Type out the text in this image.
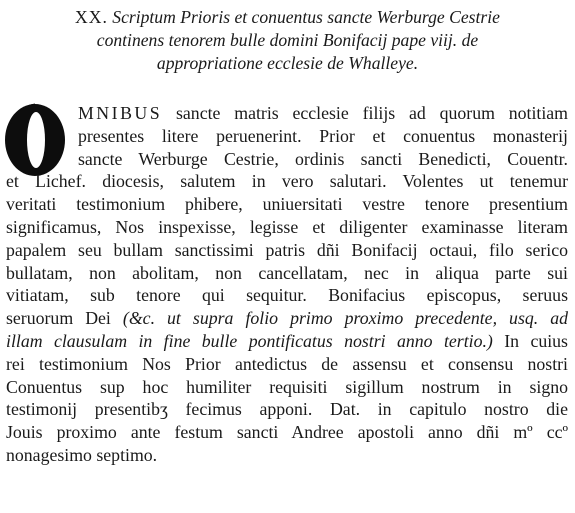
XX. Scriptum Prioris et conuentus sancte Werburge Cestrie
continens tenorem bulle domini Bonifacij pape viij. de
appropriatione ecclesie de Whalleye.
MNIBUS sancte matris ecclesie filijs ad quorum notitiam
presentes litere peruenerint. Prior et conuentus monasterij
sancte Werburge Cestrie, ordinis sancti Benedicti, Couentr.
et Lichef. diocesis, salutem in vero salutari. Volentes ut tenemur
veritati testimonium phibere, uniuersitati vestre tenore presentium
significamus, Nos inspexisse, legisse et diligenter examinasse literam
papalem seu bullam sanctissimi patris dñi Bonifacij octaui, filo serico
bullatam, non abolitam, non cancellatam, nec in aliqua parte sui
vitiatam, sub tenore qui sequitur. Bonifacius episcopus, seruus
seruorum Dei (&c. ut supra folio primo proximo precedente, usq. ad
illam clausulam in fine bulle pontificatus nostri anno tertio.) In cuius
rei testimonium Nos Prior antedictus de assensu et consensu nostri
Conuentus sup hoc humiliter requisiti sigillum nostrum in signo
testimonij presentibʒ fecimus apponi. Dat. in capitulo nostro die
Jouis proximo ante festum sancti Andree apostoli anno dñi mº ccº
nonagesimo septimo.
